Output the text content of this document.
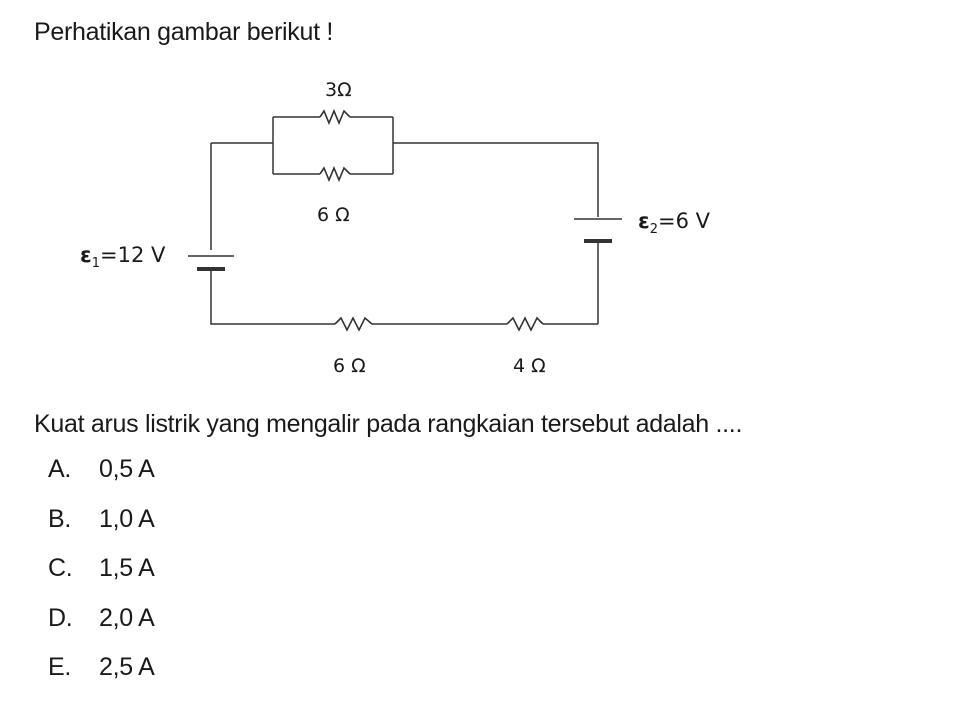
Perhatikan gambar berikut !
3Ω
6 Ω
6 Ω	4 Ω
$\varepsilon_1=12$ V
$\varepsilon_2=6$ V
Kuat arus listrik yang mengalir pada rangkaian tersebut adalah ....
A.	0,5 A
B.	1,0 A
C.	1,5 A
D.	2,0 A
E.	2,5 A
